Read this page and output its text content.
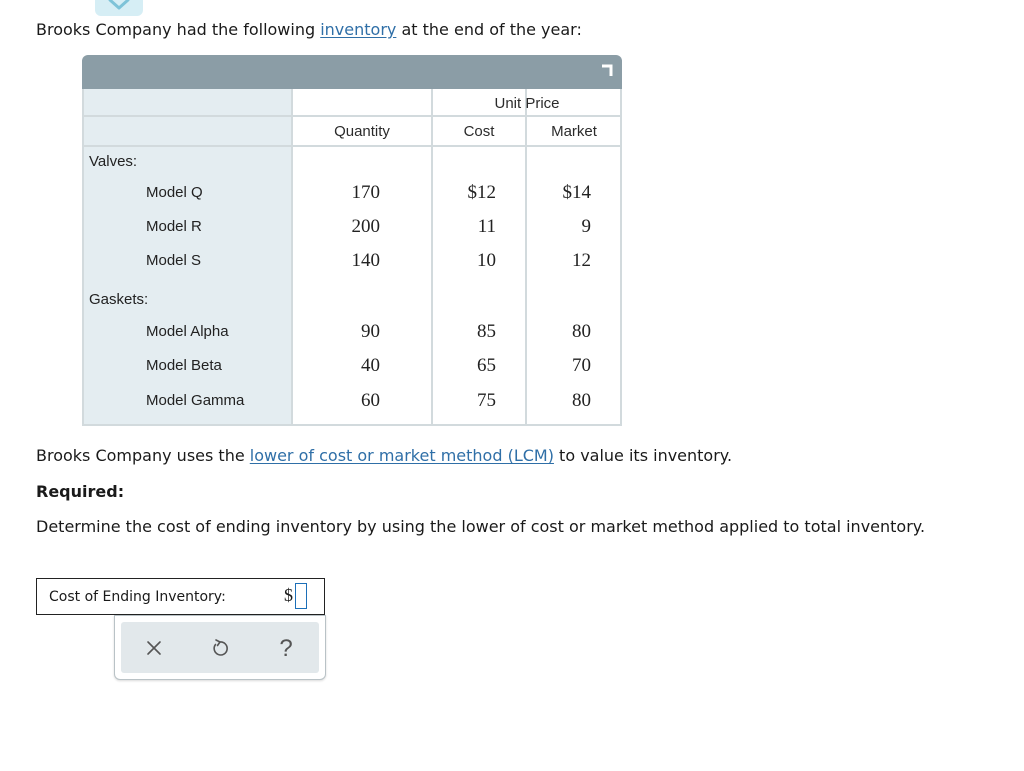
Brooks Company had the following inventory at the end of the year:
Unit Price
Quantity	Cost	Market
Valves:
Model Q	170	$12	$14
Model R	200	11	9
Model S	140	10	12
Gaskets:
Model Alpha	90	85	80
Model Beta	40	65	70
Model Gamma	60	75	80
Brooks Company uses the lower of cost or market method (LCM) to value its inventory.
Required:
Determine the cost of ending inventory by using the lower of cost or market method applied to total inventory.
Cost of Ending Inventory:	$
?
